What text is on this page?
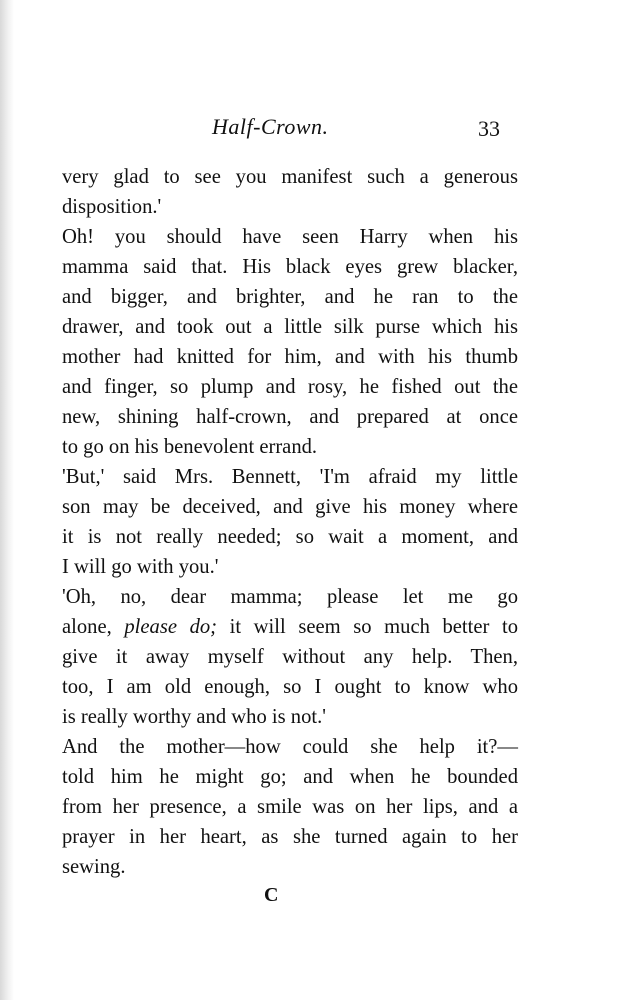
Half-Crown.	33
very glad to see you manifest such a generous
disposition.'
Oh! you should have seen Harry when his
mamma said that. His black eyes grew blacker,
and bigger, and brighter, and he ran to the
drawer, and took out a little silk purse which his
mother had knitted for him, and with his thumb
and finger, so plump and rosy, he fished out the
new, shining half-crown, and prepared at once
to go on his benevolent errand.
'But,' said Mrs. Bennett, 'I'm afraid my little
son may be deceived, and give his money where
it is not really needed; so wait a moment, and
I will go with you.'
'Oh, no, dear mamma; please let me go
alone, please do; it will seem so much better to
give it away myself without any help. Then,
too, I am old enough, so I ought to know who
is really worthy and who is not.'
And the mother—how could she help it?—
told him he might go; and when he bounded
from her presence, a smile was on her lips, and a
prayer in her heart, as she turned again to her
sewing.
C
